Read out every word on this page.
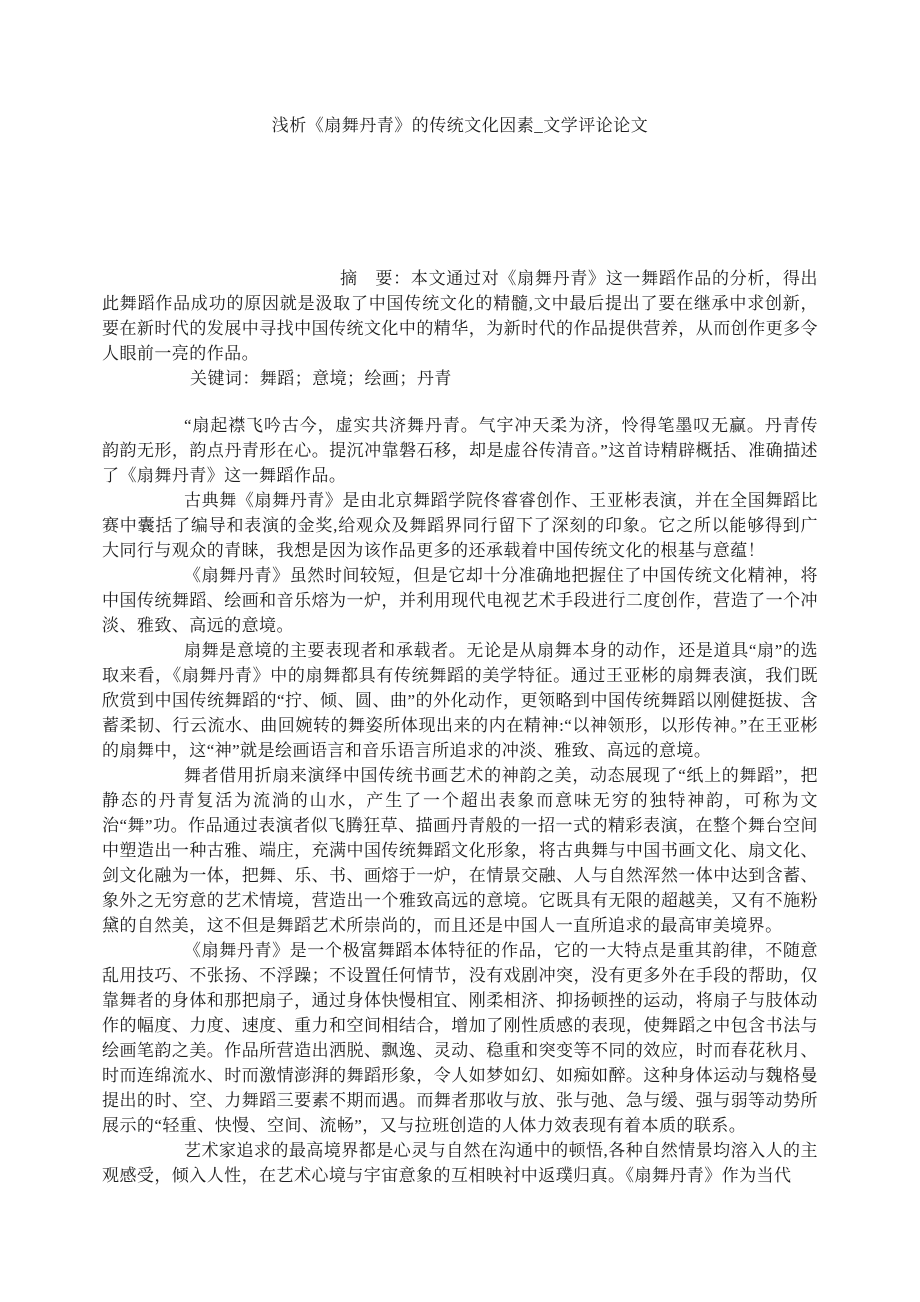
浅析《扇舞丹青》的传统文化因素_文学评论论文

摘　要：本文通过对《扇舞丹青》这一舞蹈作品的分析，得出此舞蹈作品成功的原因就是汲取了中国传统文化的精髓,文中最后提出了要在继承中求创新，要在新时代的发展中寻找中国传统文化中的精华，为新时代的作品提供营养，从而创作更多令人眼前一亮的作品。

关键词：舞蹈；意境；绘画；丹青

“扇起襟飞吟古今，虚实共济舞丹青。气宇冲天柔为济，怜得笔墨叹无赢。丹青传韵韵无形，韵点丹青形在心。提沉冲靠磐石移，却是虚谷传清音。”这首诗精辟概括、准确描述了《扇舞丹青》这一舞蹈作品。

古典舞《扇舞丹青》是由北京舞蹈学院佟睿睿创作、王亚彬表演，并在全国舞蹈比赛中囊括了编导和表演的金奖,给观众及舞蹈界同行留下了深刻的印象。它之所以能够得到广大同行与观众的青睐，我想是因为该作品更多的还承载着中国传统文化的根基与意蕴！

《扇舞丹青》虽然时间较短，但是它却十分准确地把握住了中国传统文化精神，将中国传统舞蹈、绘画和音乐熔为一炉，并利用现代电视艺术手段进行二度创作，营造了一个冲淡、雅致、高远的意境。

扇舞是意境的主要表现者和承载者。无论是从扇舞本身的动作，还是道具“扇”的选取来看，《扇舞丹青》中的扇舞都具有传统舞蹈的美学特征。通过王亚彬的扇舞表演，我们既欣赏到中国传统舞蹈的“拧、倾、圆、曲”的外化动作，更领略到中国传统舞蹈以刚健挺拔、含蓄柔韧、行云流水、曲回婉转的舞姿所体现出来的内在精神:“以神领形，以形传神。”在王亚彬的扇舞中，这“神”就是绘画语言和音乐语言所追求的冲淡、雅致、高远的意境。

舞者借用折扇来演绎中国传统书画艺术的神韵之美，动态展现了“纸上的舞蹈”，把静态的丹青复活为流淌的山水，产生了一个超出表象而意味无穷的独特神韵，可称为文治“舞”功。作品通过表演者似飞腾狂草、描画丹青般的一招一式的精彩表演，在整个舞台空间中塑造出一种古雅、端庄，充满中国传统舞蹈文化形象，将古典舞与中国书画文化、扇文化、剑文化融为一体，把舞、乐、书、画熔于一炉，在情景交融、人与自然浑然一体中达到含蓄、象外之无穷意的艺术情境，营造出一个雅致高远的意境。它既具有无限的超越美，又有不施粉黛的自然美，这不但是舞蹈艺术所崇尚的，而且还是中国人一直所追求的最高审美境界。

《扇舞丹青》是一个极富舞蹈本体特征的作品，它的一大特点是重其韵律，不随意乱用技巧、不张扬、不浮躁；不设置任何情节，没有戏剧冲突，没有更多外在手段的帮助，仅靠舞者的身体和那把扇子，通过身体快慢相宜、刚柔相济、抑扬顿挫的运动，将扇子与肢体动作的幅度、力度、速度、重力和空间相结合，增加了刚性质感的表现，使舞蹈之中包含书法与绘画笔韵之美。作品所营造出洒脱、飘逸、灵动、稳重和突变等不同的效应，时而春花秋月、时而连绵流水、时而激情澎湃的舞蹈形象，令人如梦如幻、如痴如醉。这种身体运动与魏格曼提出的时、空、力舞蹈三要素不期而遇。而舞者那收与放、张与弛、急与缓、强与弱等动势所展示的“轻重、快慢、空间、流畅”，又与拉班创造的人体力效表现有着本质的联系。

艺术家追求的最高境界都是心灵与自然在沟通中的顿悟,各种自然情景均溶入人的主观感受，倾入人性，在艺术心境与宇宙意象的互相映衬中返璞归真。《扇舞丹青》作为当代
